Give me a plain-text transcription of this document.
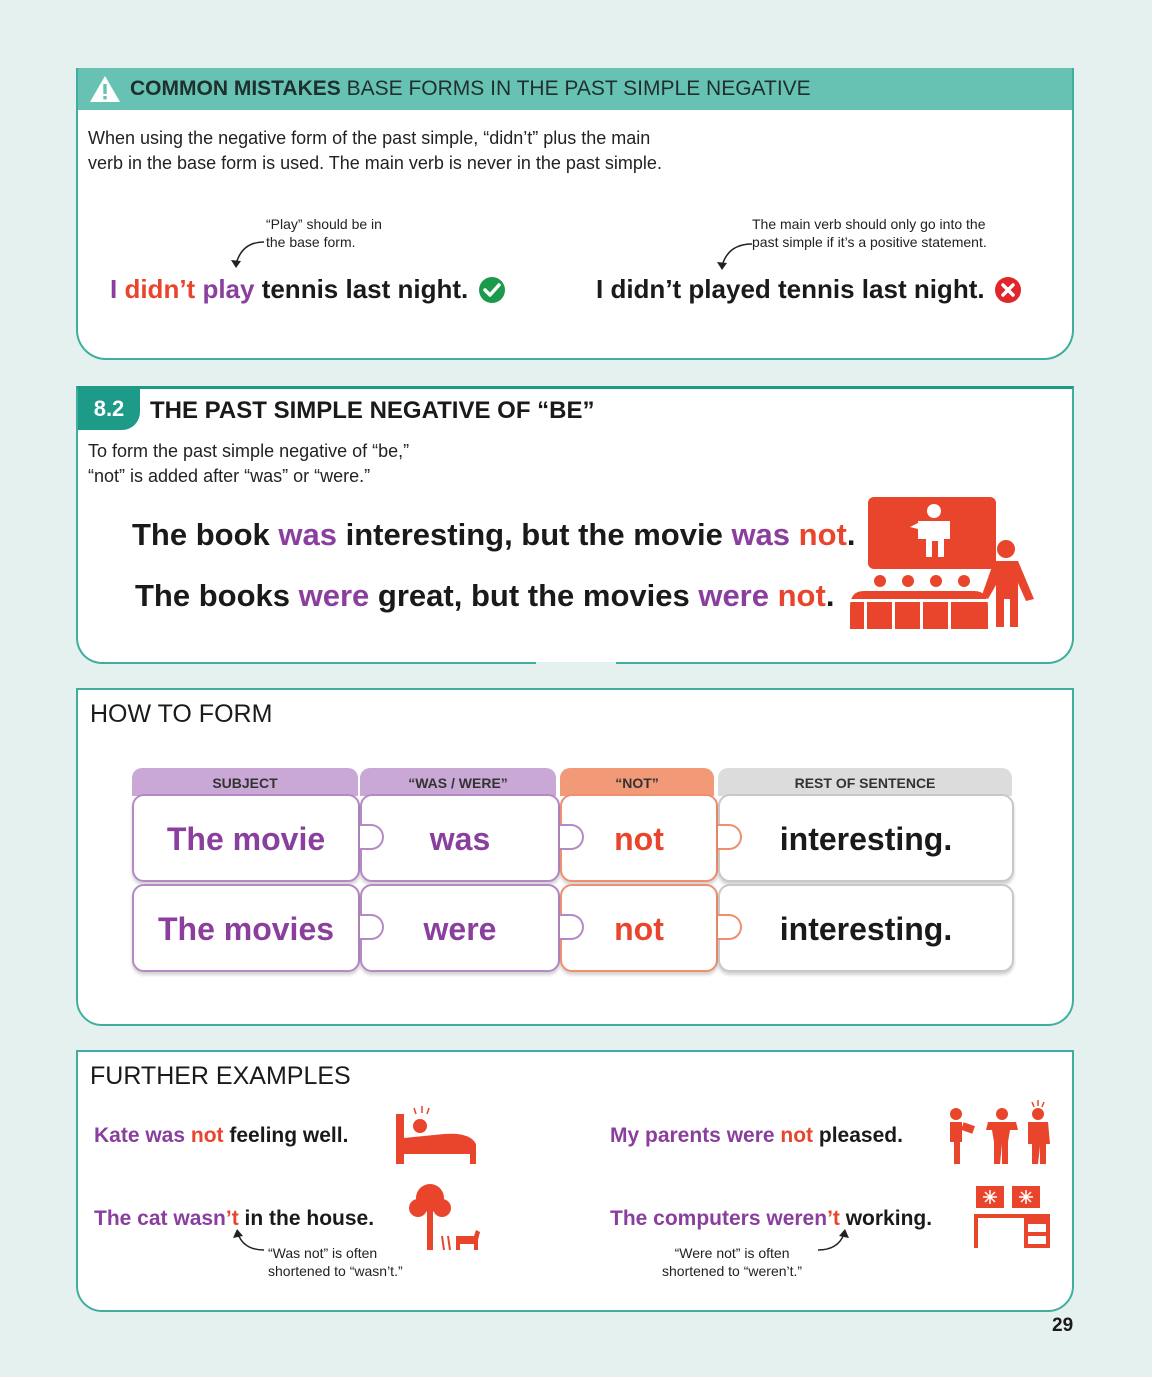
COMMON MISTAKES BASE FORMS IN THE PAST SIMPLE NEGATIVE
When using the negative form of the past simple, “didn’t” plus the main
verb in the base form is used. The main verb is never in the past simple.
“Play” should be in
the base form.
The main verb should only go into the
past simple if it’s a positive statement.
I didn’t play tennis last night.	I didn’t played tennis last night.
8.2	THE PAST SIMPLE NEGATIVE OF “BE”
To form the past simple negative of “be,”
“not” is added after “was” or “were.”
The book was interesting, but the movie was not.
The books were great, but the movies were not.
HOW TO FORM
SUBJECT	“WAS / WERE”	“NOT”	REST OF SENTENCE
The movie	was	not	interesting.
The movies	were	not	interesting.
FURTHER EXAMPLES
Kate was not feeling well.	My parents were not pleased.
The cat wasn’t in the house.
“Was not” is often
shortened to “wasn’t.”
The computers weren’t working.
“Were not” is often
shortened to “weren’t.”
29
